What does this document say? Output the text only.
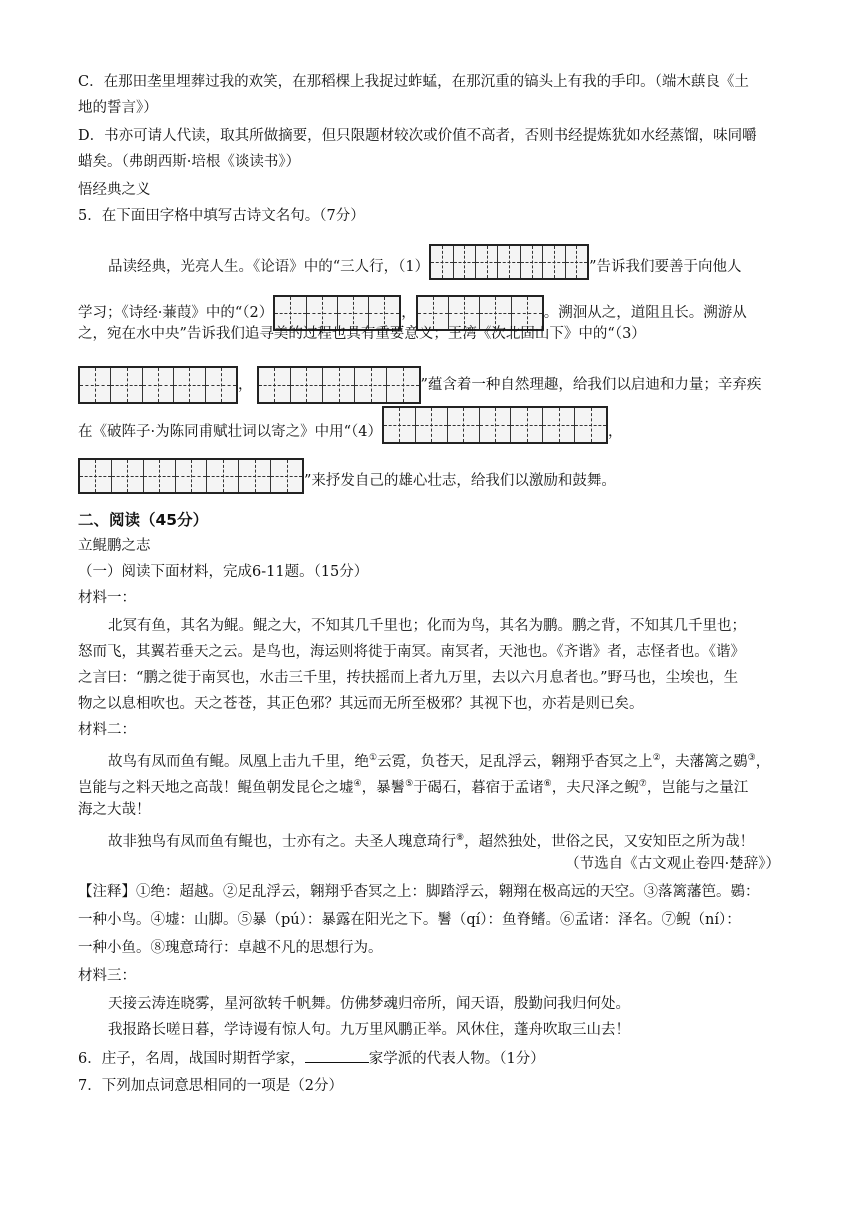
C．在那田垄里埋葬过我的欢笑，在那稻棵上我捉过蚱蜢，在那沉重的镐头上有我的手印。（端木蕻良《土
地的誓言》）
D．书亦可请人代读，取其所做摘要，但只限题材较次或价值不高者，否则书经提炼犹如水经蒸馏，味同嚼
蜡矣。（弗朗西斯·培根《谈读书》）
悟经典之义
5．在下面田字格中填写古诗文名句。（7分）
品读经典，光亮人生。《论语》中的“三人行，（1）	”告诉我们要善于向他人
学习；《诗经·蒹葭》中的“（2）	，	。溯洄从之，道阻且长。溯游从
之，宛在水中央”告诉我们追寻美的过程也具有重要意义；王湾《次北固山下》中的“（3）
，	”蕴含着一种自然理趣，给我们以启迪和力量；辛弃疾
在《破阵子·为陈同甫赋壮词以寄之》中用“（4）	，
”来抒发自己的雄心壮志，给我们以激励和鼓舞。
二、阅读（45分）
立鲲鹏之志
（一）阅读下面材料，完成6-11题。（15分）
材料一：
北冥有鱼，其名为鲲。鲲之大，不知其几千里也；化而为鸟，其名为鹏。鹏之背，不知其几千里也；
怒而飞，其翼若垂天之云。是鸟也，海运则将徙于南冥。南冥者，天池也。《齐谐》者，志怪者也。《谐》
之言曰：“鹏之徙于南冥也，水击三千里，抟扶摇而上者九万里，去以六月息者也。”野马也，尘埃也，生
物之以息相吹也。天之苍苍，其正色邪？其远而无所至极邪？其视下也，亦若是则已矣。
材料二：
故鸟有凤而鱼有鲲。凤凰上击九千里，绝①云霓，负苍天，足乱浮云，翱翔乎杳冥之上②，夫藩篱之鷃③，
岂能与之料天地之高哉！鲲鱼朝发昆仑之墟④，暴鬐⑤于碣石，暮宿于孟诸⑥，夫尺泽之鲵⑦，岂能与之量江
海之大哉！
故非独鸟有凤而鱼有鲲也，士亦有之。夫圣人瑰意琦行⑧，超然独处，世俗之民，又安知臣之所为哉！
（节选自《古文观止卷四·楚辞》）
【注释】①绝：超越。②足乱浮云，翱翔乎杳冥之上：脚踏浮云，翱翔在极高远的天空。③落篱藩笆。鷃：
一种小鸟。④墟：山脚。⑤暴（pú）：暴露在阳光之下。鬐（qí）：鱼脊鳍。⑥孟诸：泽名。⑦鲵（ní）：
一种小鱼。⑧瑰意琦行：卓越不凡的思想行为。
材料三：
天接云涛连晓雾，星河欲转千帆舞。仿佛梦魂归帝所，闻天语，殷勤问我归何处。
我报路长嗟日暮，学诗谩有惊人句。九万里风鹏正举。风休住，蓬舟吹取三山去！
6．庄子，名周，战国时期哲学家，	家学派的代表人物。（1分）
7．下列加点词意思相同的一项是（2分）
